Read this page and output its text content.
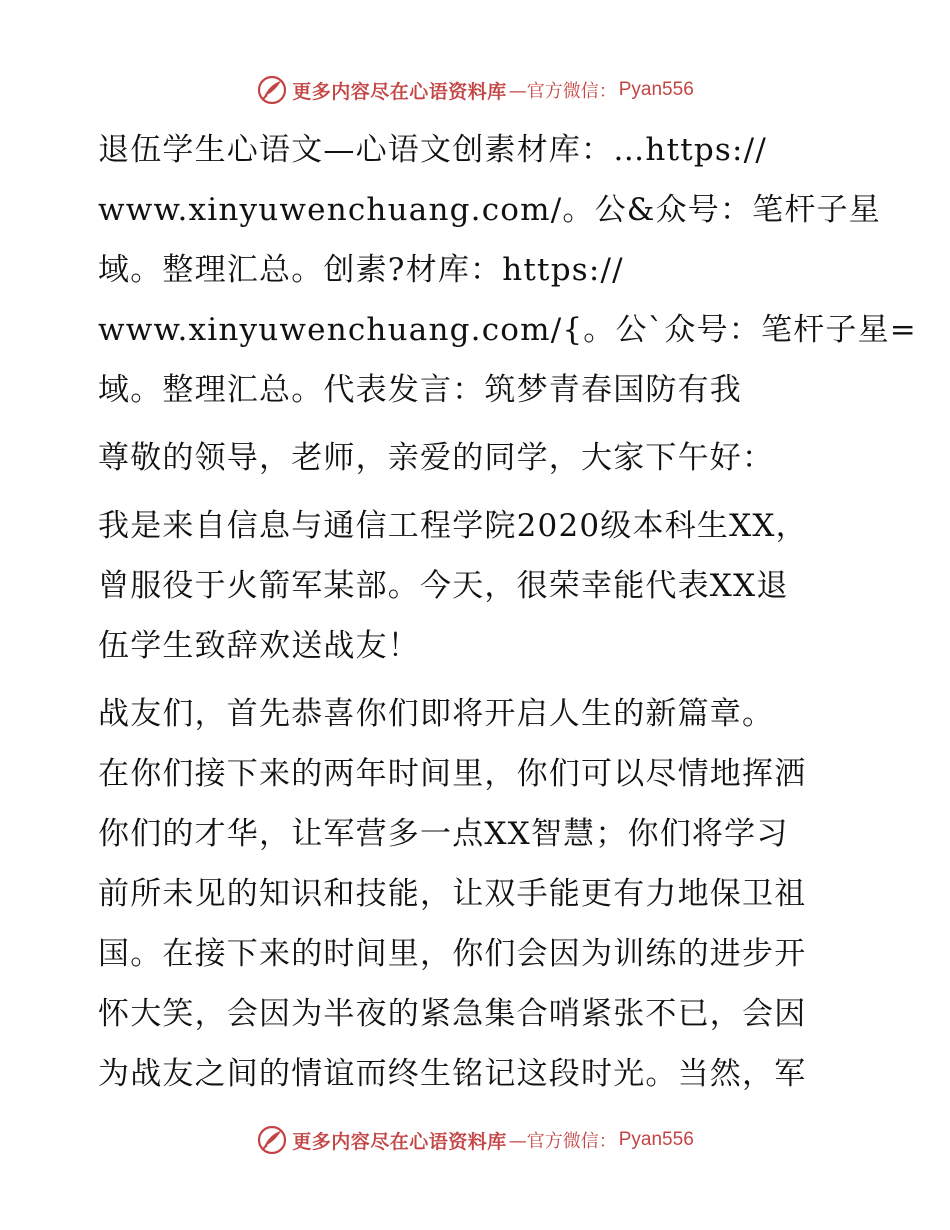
更多内容尽在心语资料库 —官方微信： Pyan556

退伍学生心语文—心语文创素材库：…https://
www.xinyuwenchuang.com/。公&众号：笔杆子星
域。整理汇总。创素?材库：https://
www.xinyuwenchuang.com/{。公`众号：笔杆子星=
域。整理汇总。代表发言：筑梦青春国防有我

尊敬的领导，老师，亲爱的同学，大家下午好：

我是来自信息与通信工程学院2020级本科生XX，
曾服役于火箭军某部。今天，很荣幸能代表XX退
伍学生致辞欢送战友！

战友们，首先恭喜你们即将开启人生的新篇章。
在你们接下来的两年时间里，你们可以尽情地挥洒
你们的才华，让军营多一点XX智慧；你们将学习
前所未见的知识和技能，让双手能更有力地保卫祖
国。在接下来的时间里，你们会因为训练的进步开
怀大笑，会因为半夜的紧急集合哨紧张不已，会因
为战友之间的情谊而终生铭记这段时光。当然，军

更多内容尽在心语资料库 —官方微信： Pyan556
